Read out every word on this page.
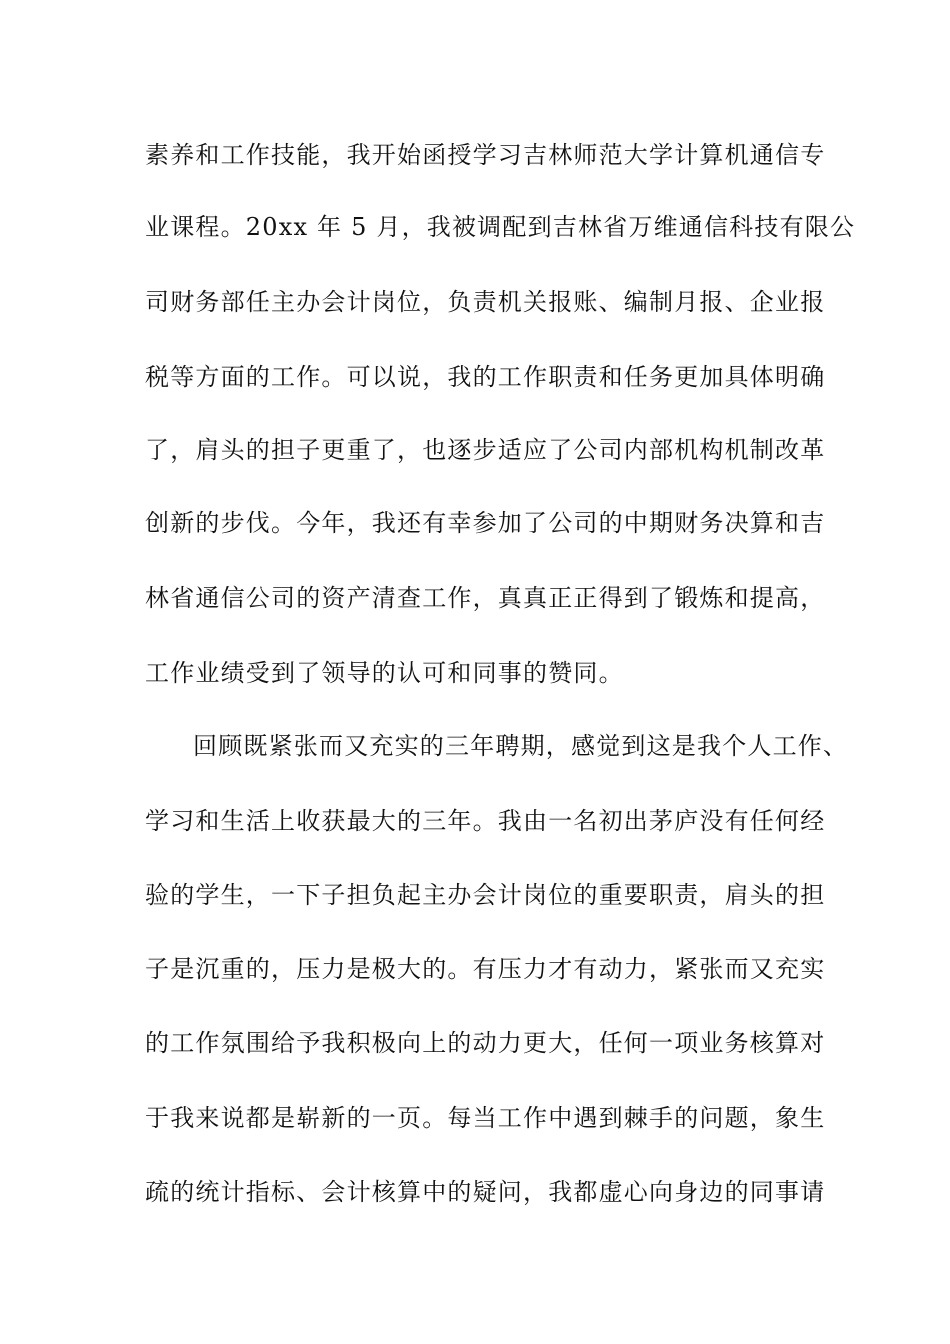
素养和工作技能，我开始函授学习吉林师范大学计算机通信专
业课程。20xx 年 5 月，我被调配到吉林省万维通信科技有限公
司财务部任主办会计岗位，负责机关报账、编制月报、企业报
税等方面的工作。可以说，我的工作职责和任务更加具体明确
了，肩头的担子更重了，也逐步适应了公司内部机构机制改革
创新的步伐。今年，我还有幸参加了公司的中期财务决算和吉
林省通信公司的资产清查工作，真真正正得到了锻炼和提高，
工作业绩受到了领导的认可和同事的赞同。
回顾既紧张而又充实的三年聘期，感觉到这是我个人工作、
学习和生活上收获最大的三年。我由一名初出茅庐没有任何经
验的学生，一下子担负起主办会计岗位的重要职责，肩头的担
子是沉重的，压力是极大的。有压力才有动力，紧张而又充实
的工作氛围给予我积极向上的动力更大，任何一项业务核算对
于我来说都是崭新的一页。每当工作中遇到棘手的问题，象生
疏的统计指标、会计核算中的疑问，我都虚心向身边的同事请
